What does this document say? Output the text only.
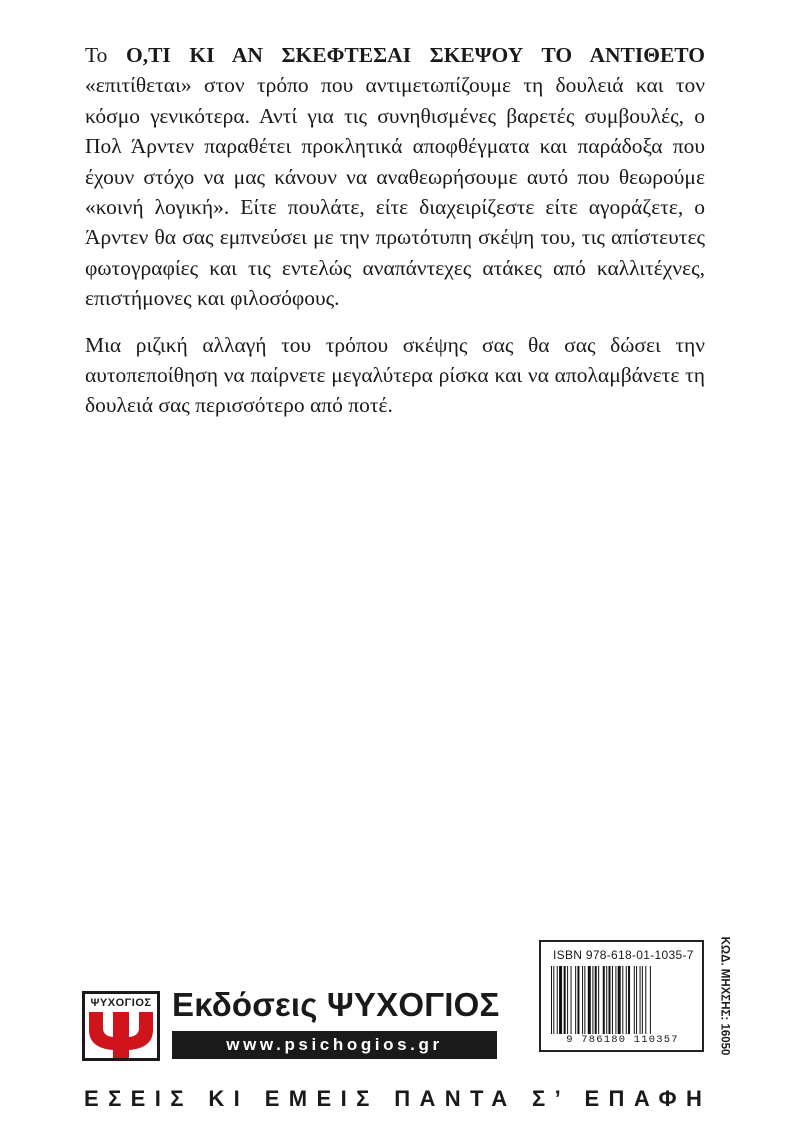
Το Ο,ΤΙ ΚΙ ΑΝ ΣΚΕΦΤΕΣΑΙ ΣΚΕΨΟΥ ΤΟ ΑΝΤΙΘΕΤΟ «επιτίθεται» στον τρόπο που αντιμετωπίζουμε τη δουλειά και τον κόσμο γενικότερα. Αντί για τις συνηθισμένες βαρετές συμβουλές, ο Πολ Άρντεν παραθέτει προκλητικά αποφθέγματα και παράδοξα που έχουν στόχο να μας κάνουν να αναθεωρήσουμε αυτό που θεωρούμε «κοινή λογική». Είτε πουλάτε, είτε διαχειρίζεστε είτε αγοράζετε, ο Άρντεν θα σας εμπνεύσει με την πρωτότυπη σκέψη του, τις απίστευτες φωτογραφίες και τις εντελώς αναπάντεχες ατάκες από καλλιτέχνες, επιστήμονες και φιλοσόφους.

Μια ριζική αλλαγή του τρόπου σκέψης σας θα σας δώσει την αυτοπεποίθηση να παίρνετε μεγαλύτερα ρίσκα και να απολαμβάνετε τη δουλειά σας περισσότερο από ποτέ.

ISBN 978-618-01-1035-7
9 786180 110357	ΚΩΔ. ΜΗΧΣΗΣ: 16050
ΨΥΧΟΓΙΟΣ Εκδόσεις ΨΥΧΟΓΙΟΣ
www.psichogios.gr
ΕΣΕΙΣ ΚΙ ΕΜΕΙΣ ΠΑΝΤΑ Σ’ ΕΠΑΦΗ
